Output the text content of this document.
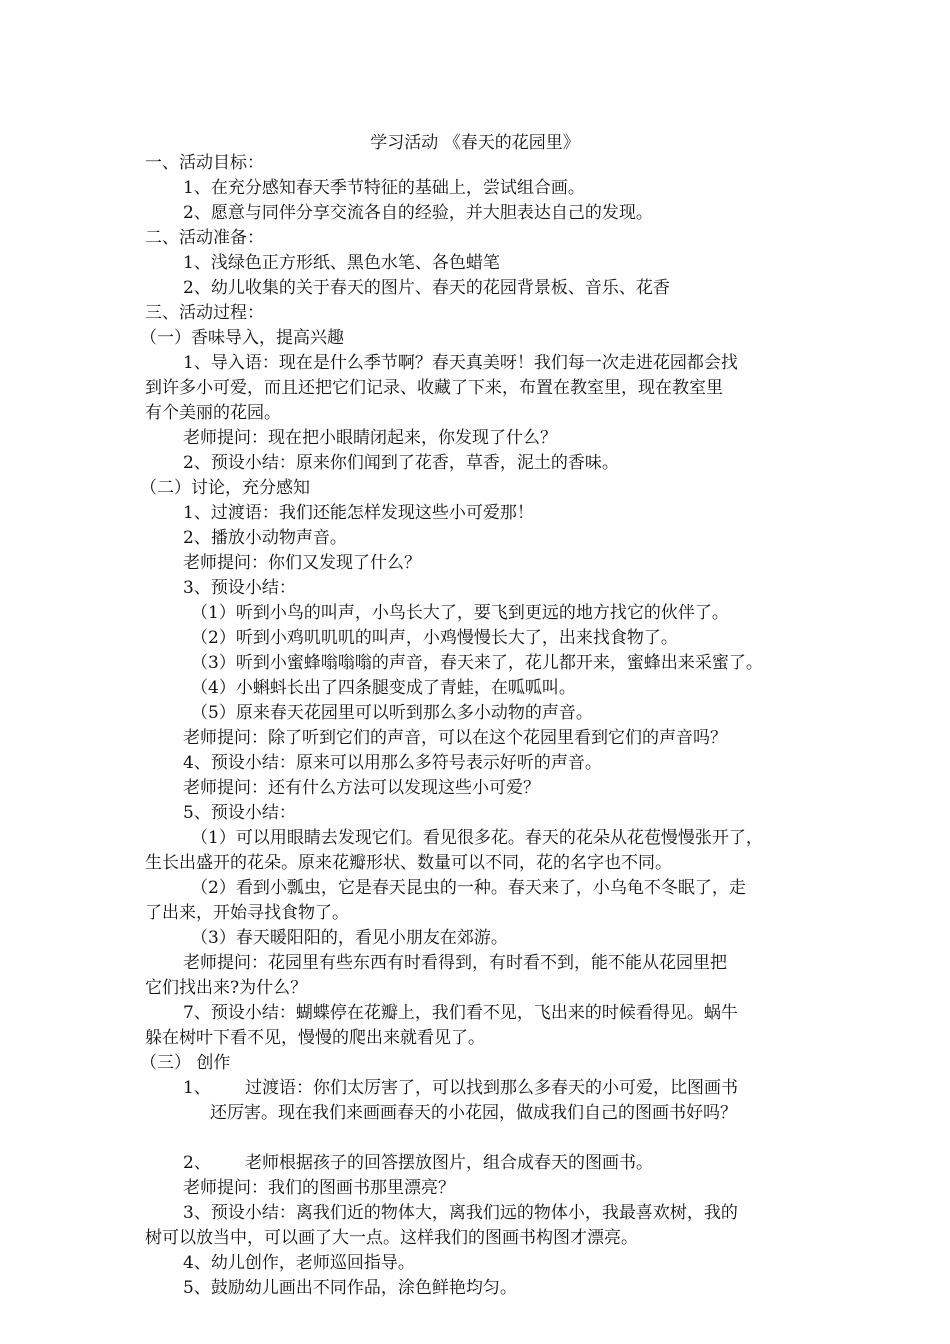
学习活动 《春天的花园里》
一、活动目标：
1、在充分感知春天季节特征的基础上，尝试组合画。
2、愿意与同伴分享交流各自的经验，并大胆表达自己的发现。
二、活动准备：
1、浅绿色正方形纸、黑色水笔、各色蜡笔
2、幼儿收集的关于春天的图片、春天的花园背景板、音乐、花香
三、活动过程：
（一）香味导入，提高兴趣
1、导入语：现在是什么季节啊？春天真美呀！我们每一次走进花园都会找
到许多小可爱，而且还把它们记录、收藏了下来，布置在教室里，现在教室里
有个美丽的花园。
老师提问：现在把小眼睛闭起来，你发现了什么？
2、预设小结：原来你们闻到了花香，草香，泥土的香味。
（二）讨论，充分感知
1、过渡语：我们还能怎样发现这些小可爱那！
2、播放小动物声音。
老师提问：你们又发现了什么？
3、预设小结：
（1）听到小鸟的叫声，小鸟长大了，要飞到更远的地方找它的伙伴了。
（2）听到小鸡叽叽叽的叫声，小鸡慢慢长大了，出来找食物了。
（3）听到小蜜蜂嗡嗡嗡的声音，春天来了，花儿都开来，蜜蜂出来采蜜了。
（4）小蝌蚪长出了四条腿变成了青蛙，在呱呱叫。
（5）原来春天花园里可以听到那么多小动物的声音。
老师提问：除了听到它们的声音，可以在这个花园里看到它们的声音吗？
4、预设小结：原来可以用那么多符号表示好听的声音。
老师提问：还有什么方法可以发现这些小可爱？
5、预设小结：
（1）可以用眼睛去发现它们。看见很多花。春天的花朵从花苞慢慢张开了，
生长出盛开的花朵。原来花瓣形状、数量可以不同，花的名字也不同。
（2）看到小瓢虫，它是春天昆虫的一种。春天来了，小乌龟不冬眠了，走
了出来，开始寻找食物了。
（3）春天暖阳阳的，看见小朋友在郊游。
老师提问：花园里有些东西有时看得到，有时看不到，能不能从花园里把
它们找出来?为什么？
7、预设小结：蝴蝶停在花瓣上，我们看不见，飞出来的时候看得见。蜗牛
躲在树叶下看不见，慢慢的爬出来就看见了。
（三） 创作
1、 过渡语：你们太厉害了，可以找到那么多春天的小可爱，比图画书
还厉害。现在我们来画画春天的小花园，做成我们自己的图画书好吗？
2、 老师根据孩子的回答摆放图片，组合成春天的图画书。
老师提问：我们的图画书那里漂亮？
3、预设小结：离我们近的物体大，离我们远的物体小，我最喜欢树，我的
树可以放当中，可以画了大一点。这样我们的图画书构图才漂亮。
4、幼儿创作，老师巡回指导。
5、鼓励幼儿画出不同作品，涂色鲜艳均匀。
